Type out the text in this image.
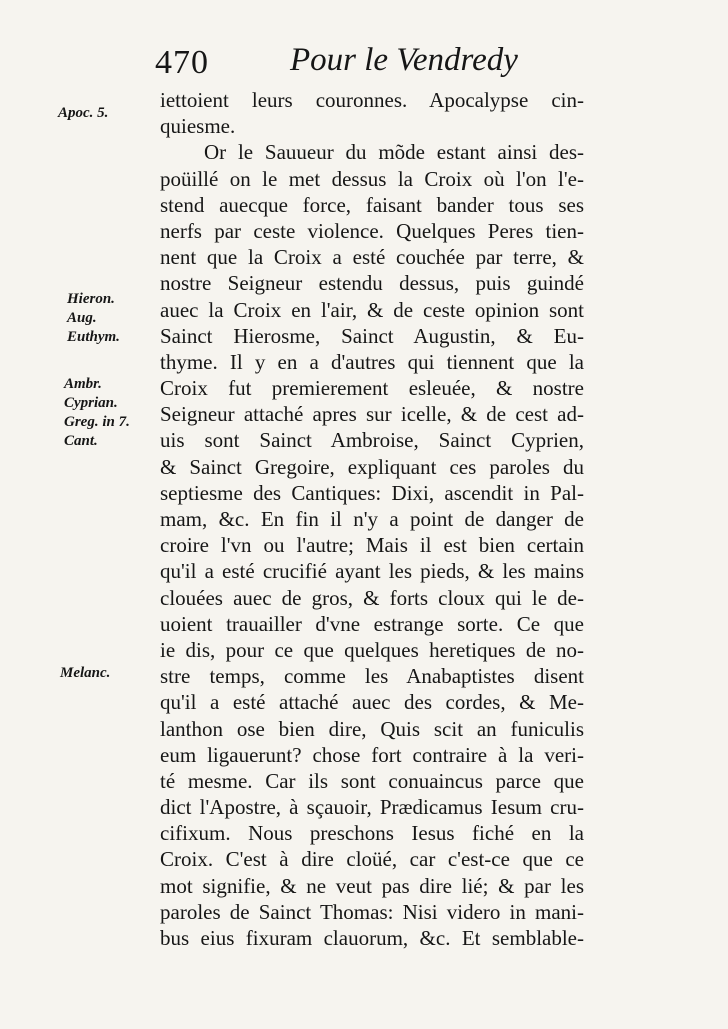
470 Pour le Vendredy
Apoc. 5.
Hieron.
Aug.
Euthym.
Ambr.
Cyprian.
Greg. in 7.
Cant.
Melanc.
iettoient leurs couronnes. Apocalypse cin-
quiesme.
Or le Sauueur du mõde estant ainsi des-
poüillé on le met dessus la Croix où l'on l'e-
stend auecque force, faisant bander tous ses
nerfs par ceste violence. Quelques Peres tien-
nent que la Croix a esté couchée par terre, &
nostre Seigneur estendu dessus, puis guindé
auec la Croix en l'air, & de ceste opinion sont
Sainct Hierosme, Sainct Augustin, & Eu-
thyme. Il y en a d'autres qui tiennent que la
Croix fut premierement esleuée, & nostre
Seigneur attaché apres sur icelle, & de cest ad-
uis sont Sainct Ambroise, Sainct Cyprien,
& Sainct Gregoire, expliquant ces paroles du
septiesme des Cantiques: Dixi, ascendit in Pal-
mam, &c. En fin il n'y a point de danger de
croire l'vn ou l'autre; Mais il est bien certain
qu'il a esté crucifié ayant les pieds, & les mains
clouées auec de gros, & forts cloux qui le de-
uoient trauailler d'vne estrange sorte. Ce que
ie dis, pour ce que quelques heretiques de no-
stre temps, comme les Anabaptistes disent
qu'il a esté attaché auec des cordes, & Me-
lanthon ose bien dire, Quis scit an funiculis
eum ligauerunt? chose fort contraire à la veri-
té mesme. Car ils sont conuaincus parce que
dict l'Apostre, à sçauoir, Prædicamus Iesum cru-
cifixum. Nous preschons Iesus fiché en la
Croix. C'est à dire cloüé, car c'est-ce que ce
mot signifie, & ne veut pas dire lié; & par les
paroles de Sainct Thomas: Nisi videro in mani-
bus eius fixuram clauorum, &c. Et semblable-
